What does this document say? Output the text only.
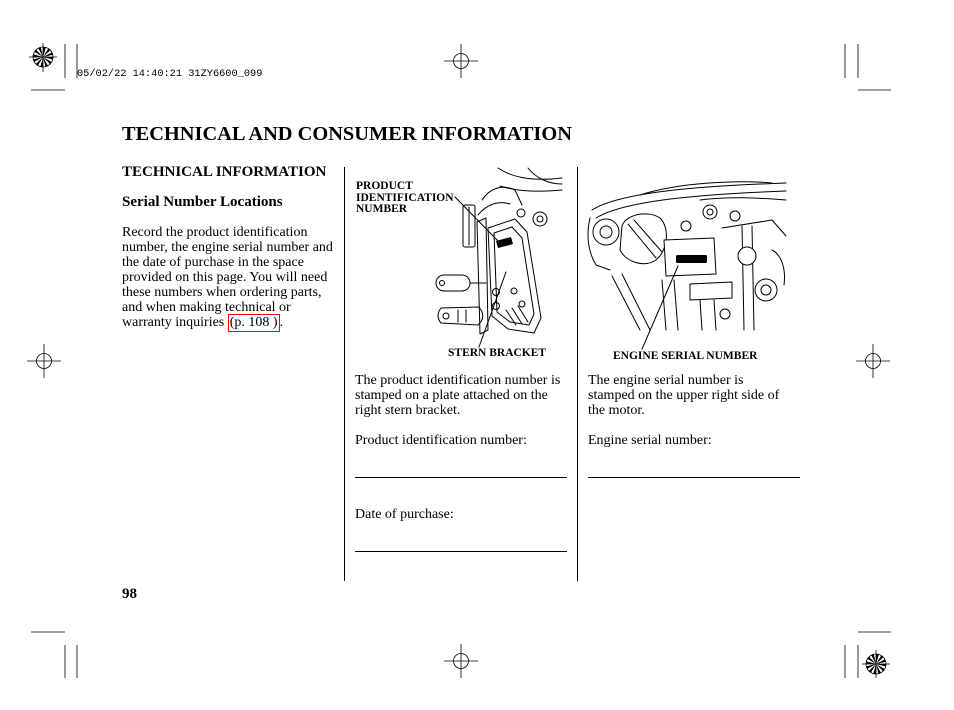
05/02/22 14:40:21 31ZY6600_099
TECHNICAL AND CONSUMER INFORMATION
TECHNICAL INFORMATION
Serial Number Locations
Record the product identification
number, the engine serial number and
the date of purchase in the space
provided on this page. You will need
these numbers when ordering parts,
and when making technical or
warranty inquiries (p. 108 ) .
PRODUCT
IDENTIFICATION
NUMBER
STERN BRACKET
The product identification number is
stamped on a plate attached on the
right stern bracket.
Product identification number:
Date of purchase:
ENGINE SERIAL NUMBER
The engine serial number is
stamped on the upper right side of
the motor.
Engine serial number:
98
